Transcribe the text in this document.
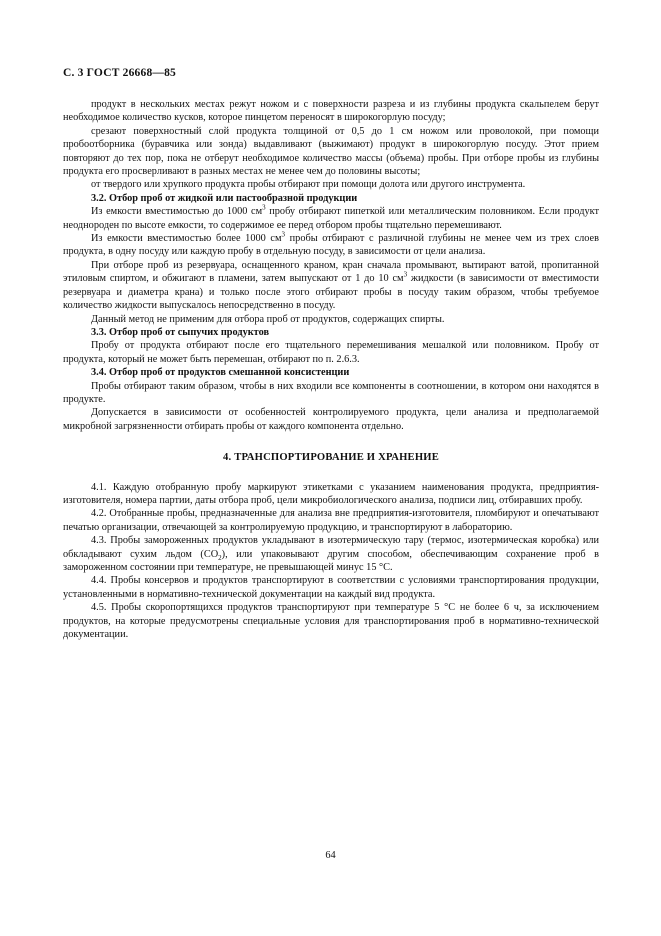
С. 3 ГОСТ 26668—85

продукт в нескольких местах режут ножом и с поверхности разреза и из глубины продукта скальпелем берут необходимое количество кусков, которое пинцетом переносят в широкогорлую посуду;

срезают поверхностный слой продукта толщиной от 0,5 до 1 см ножом или проволокой, при помощи пробоотборника (буравчика или зонда) выдавливают (выжимают) продукт в широкогорлую посуду. Этот прием повторяют до тех пор, пока не отберут необходимое количество массы (объема) пробы. При отборе пробы из глубины продукта его просверливают в разных местах не менее чем до половины высоты;

от твердого или хрупкого продукта пробы отбирают при помощи долота или другого инструмента.

3.2. Отбор проб от жидкой или пастообразной продукции

Из емкости вместимостью до 1000 $см^3$ пробу отбирают пипеткой или металлическим половником. Если продукт неоднороден по высоте емкости, то содержимое ее перед отбором пробы тщательно перемешивают.

Из емкости вместимостью более 1000 $см^3$ пробы отбирают с различной глубины не менее чем из трех слоев продукта, в одну посуду или каждую пробу в отдельную посуду, в зависимости от цели анализа.

При отборе проб из резервуара, оснащенного краном, кран сначала промывают, вытирают ватой, пропитанной этиловым спиртом, и обжигают в пламени, затем выпускают от 1 до 10 $см^3$ жидкости (в зависимости от вместимости резервуара и диаметра крана) и только после этого отбирают пробы в посуду таким образом, чтобы требуемое количество жидкости выпускалось непосредственно в посуду.

Данный метод не применим для отбора проб от продуктов, содержащих спирты.

3.3. Отбор проб от сыпучих продуктов

Пробу от продукта отбирают после его тщательного перемешивания мешалкой или половником. Пробу от продукта, который не может быть перемешан, отбирают по п. 2.6.3.

3.4. Отбор проб от продуктов смешанной консистенции

Пробы отбирают таким образом, чтобы в них входили все компоненты в соотношении, в котором они находятся в продукте.

Допускается в зависимости от особенностей контролируемого продукта, цели анализа и предполагаемой микробной загрязненности отбирать пробы от каждого компонента отдельно.

4. ТРАНСПОРТИРОВАНИЕ И ХРАНЕНИЕ

4.1. Каждую отобранную пробу маркируют этикетками с указанием наименования продукта, предприятия-изготовителя, номера партии, даты отбора проб, цели микробиологического анализа, подписи лиц, отбиравших пробу.

4.2. Отобранные пробы, предназначенные для анализа вне предприятия-изготовителя, пломбируют и опечатывают печатью организации, отвечающей за контролируемую продукцию, и транспортируют в лабораторию.

4.3. Пробы замороженных продуктов укладывают в изотермическую тару (термос, изотермическая коробка) или обкладывают сухим льдом $(CO_2)$, или упаковывают другим способом, обеспечивающим сохранение проб в замороженном состоянии при температуре, не превышающей минус 15 °С.

4.4. Пробы консервов и продуктов транспортируют в соответствии с условиями транспортирования продукции, установленными в нормативно-технической документации на каждый вид продукта.

4.5. Пробы скоропортящихся продуктов транспортируют при температуре 5 °С не более 6 ч, за исключением продуктов, на которые предусмотрены специальные условия для транспортирования проб в нормативно-технической документации.

64
